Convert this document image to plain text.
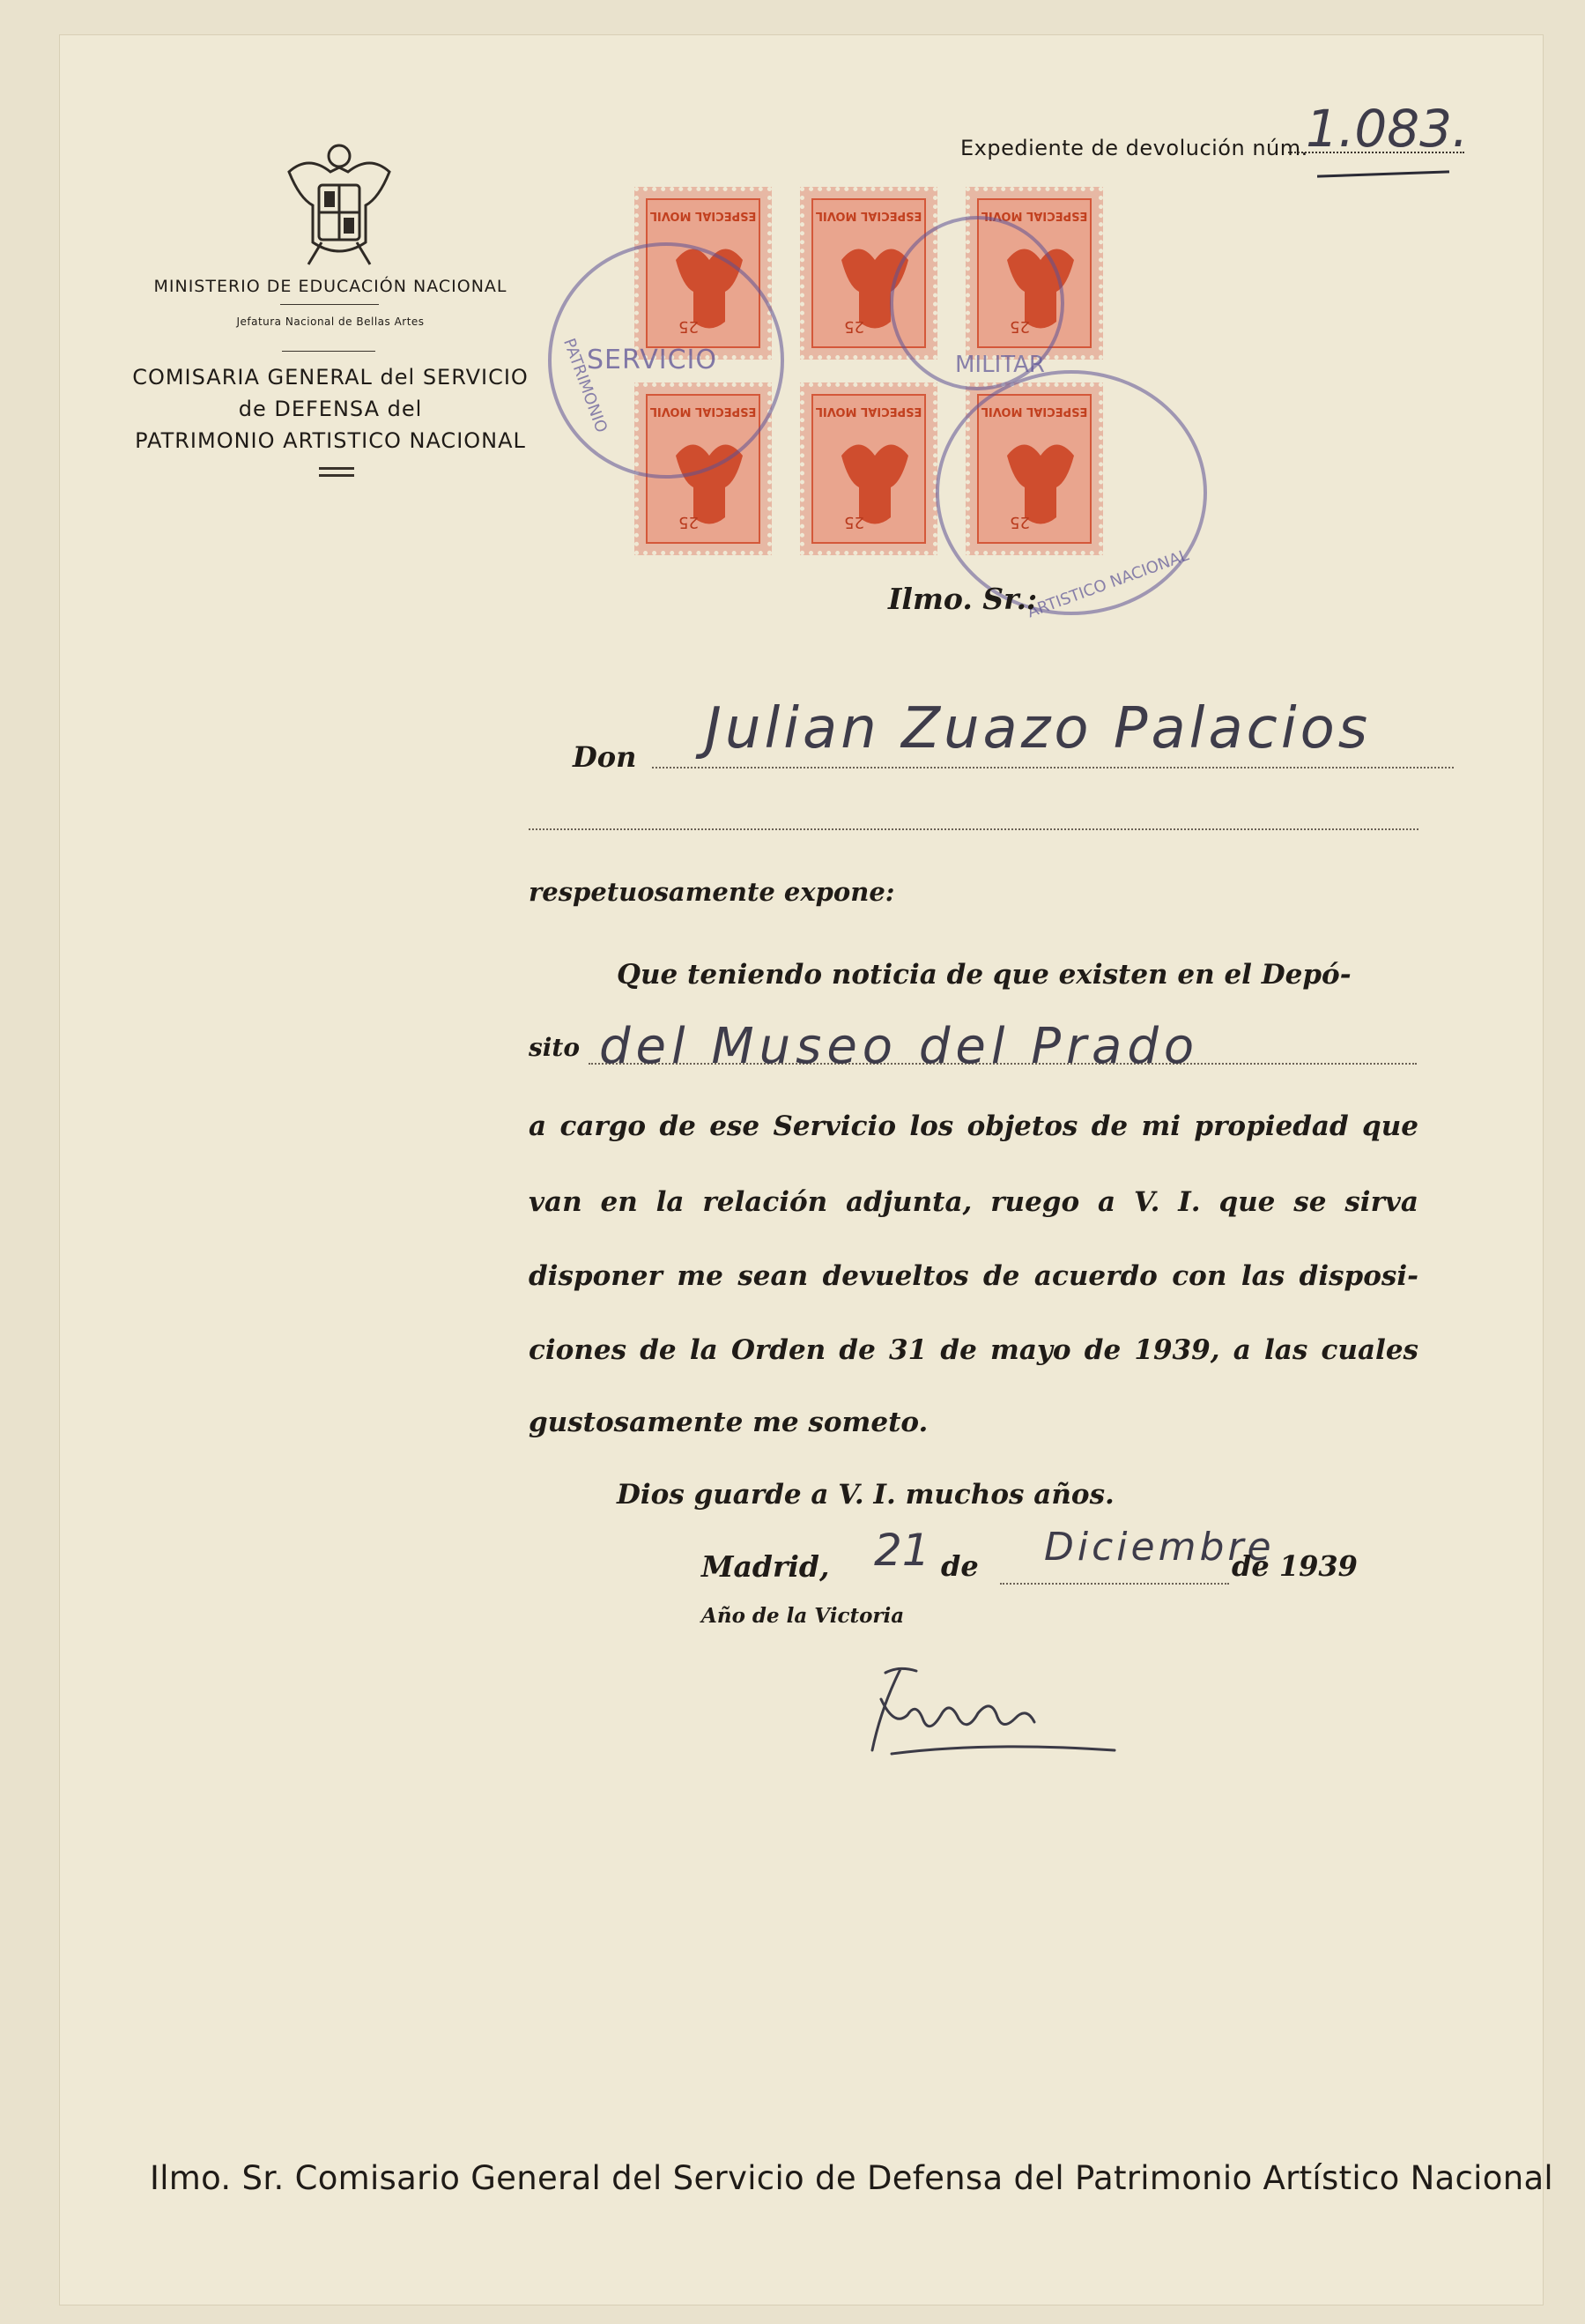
MINISTERIO DE EDUCACIÓN NACIONAL
Jefatura Nacional de Bellas Artes
COMISARIA GENERAL del SERVICIO
de DEFENSA del
PATRIMONIO ARTISTICO NACIONAL
Expediente de devolución núm.
1.083.
ESPECIAL MOVIL
25
ESPECIAL MOVIL
25
ESPECIAL MOVIL
25
ESPECIAL MOVIL
25
ESPECIAL MOVIL
25
ESPECIAL MOVIL
25
SERVICIO
PATRIMONIO	MILITAR
ARTISTICO NACIONAL
Ilmo. Sr.:
Don Julian Zuazo Palacios
respetuosamente expone:
Que teniendo noticia de que existen en el Depó-
sito del Museo del Prado
a cargo de ese Servicio los objetos de mi propiedad que
van en la relación adjunta, ruego a V. I. que se sirva
disponer me sean devueltos de acuerdo con las disposi-
ciones de la Orden de 31 de mayo de 1939, a las cuales
gustosamente me someto.
Dios guarde a V. I. muchos años.
Madrid, 21 de Diciembre
de 1939
Año de la Victoria
Ilmo. Sr. Comisario General del Servicio de Defensa del Patrimonio Artístico Nacional
